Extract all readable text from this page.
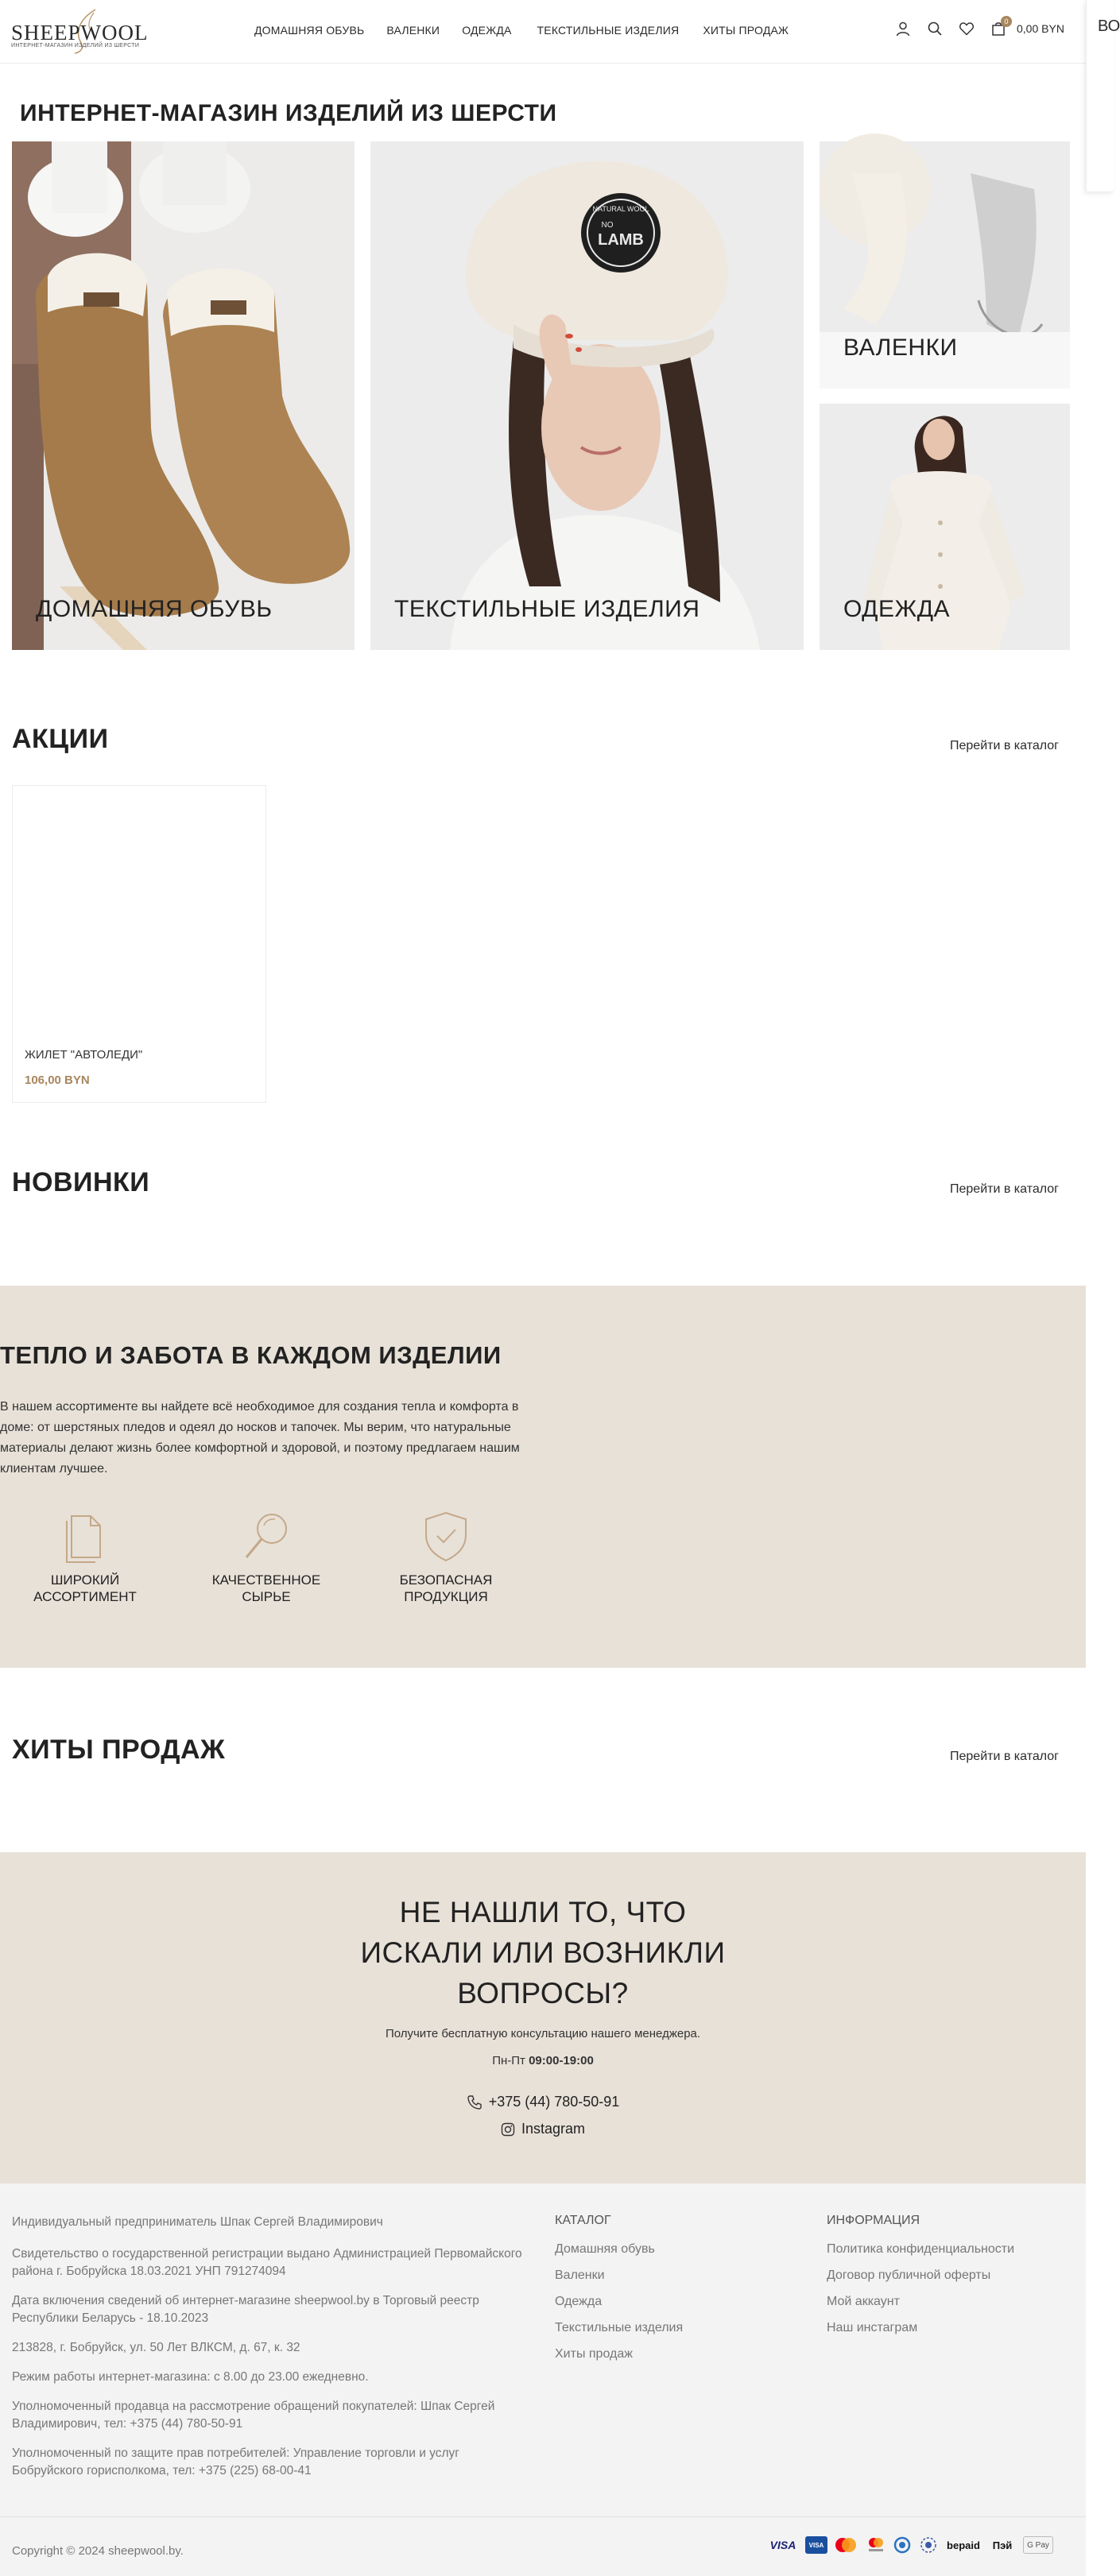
SHEEPWOOL
ИНТЕРНЕТ-МАГАЗИН ИЗДЕЛИЙ ИЗ ШЕРСТИ
ДОМАШНЯЯ ОБУВЬ ВАЛЕНКИ ОДЕЖДА ТЕКСТИЛЬНЫЕ ИЗДЕЛИЯ ХИТЫ ПРОДАЖ
0
0,00 BYN ВО
ИНТЕРНЕТ-МАГАЗИН ИЗДЕЛИЙ ИЗ ШЕРСТИ
ДОМАШНЯЯ ОБУВЬ
NATURAL WOOL
LAMB
NO
ТЕКСТИЛЬНЫЕ ИЗДЕЛИЯ
ВАЛЕНКИ
ОДЕЖДА
АКЦИИ	Перейти в каталог
ЖИЛЕТ "АВТОЛЕДИ"
106,00 BYN
НОВИНКИ	Перейти в каталог
ТЕПЛО И ЗАБОТА В КАЖДОМ ИЗДЕЛИИ

В нашем ассортименте вы найдете всё необходимое для создания тепла и комфорта в доме: от шерстяных пледов и одеял до носков и тапочек. Мы верим, что натуральные материалы делают жизнь более комфортной и здоровой, и поэтому предлагаем нашим клиентам лучшее.

ШИРОКИЙ
АССОРТИМЕНТ
КАЧЕСТВЕННОЕ
СЫРЬЕ
БЕЗОПАСНАЯ
ПРОДУКЦИЯ
ХИТЫ ПРОДАЖ	Перейти в каталог
НЕ НАШЛИ ТО, ЧТО
ИСКАЛИ ИЛИ ВОЗНИКЛИ
ВОПРОСЫ?
Получите бесплатную консультацию нашего менеджера.
Пн-Пт 09:00-19:00
+375 (44) 780-50-91
Instagram

Индивидуальный предприниматель Шпак Сергей Владимирович

Свидетельство о государственной регистрации выдано Администрацией Первомайского района г. Бобруйска 18.03.2021 УНП 791274094

Дата включения сведений об интернет-магазине sheepwool.by в Торговый реестр Республики Беларусь - 18.10.2023

213828, г. Бобруйск, ул. 50 Лет ВЛКСМ, д. 67, к. 32

Режим работы интернет-магазина: с 8.00 до 23.00 ежедневно.

Уполномоченный продавца на рассмотрение обращений покупателей: Шпак Сергей Владимирович, тел: +375 (44) 780-50-91

Уполномоченный по защите прав потребителей: Управление торговли и услуг Бобруйского горисполкома, тел: +375 (225) 68-00-41

КАТАЛОГ
Домашняя обувь
Валенки
Одежда
Текстильные изделия
Хиты продаж
ИНФОРМАЦИЯ
Политика конфиденциальности
Договор публичной оферты
Мой аккаунт
Наш инстаграм
Copyright © 2024 sheepwool.by.	VISA	VISA	bepaid	Пэй	G Pay
